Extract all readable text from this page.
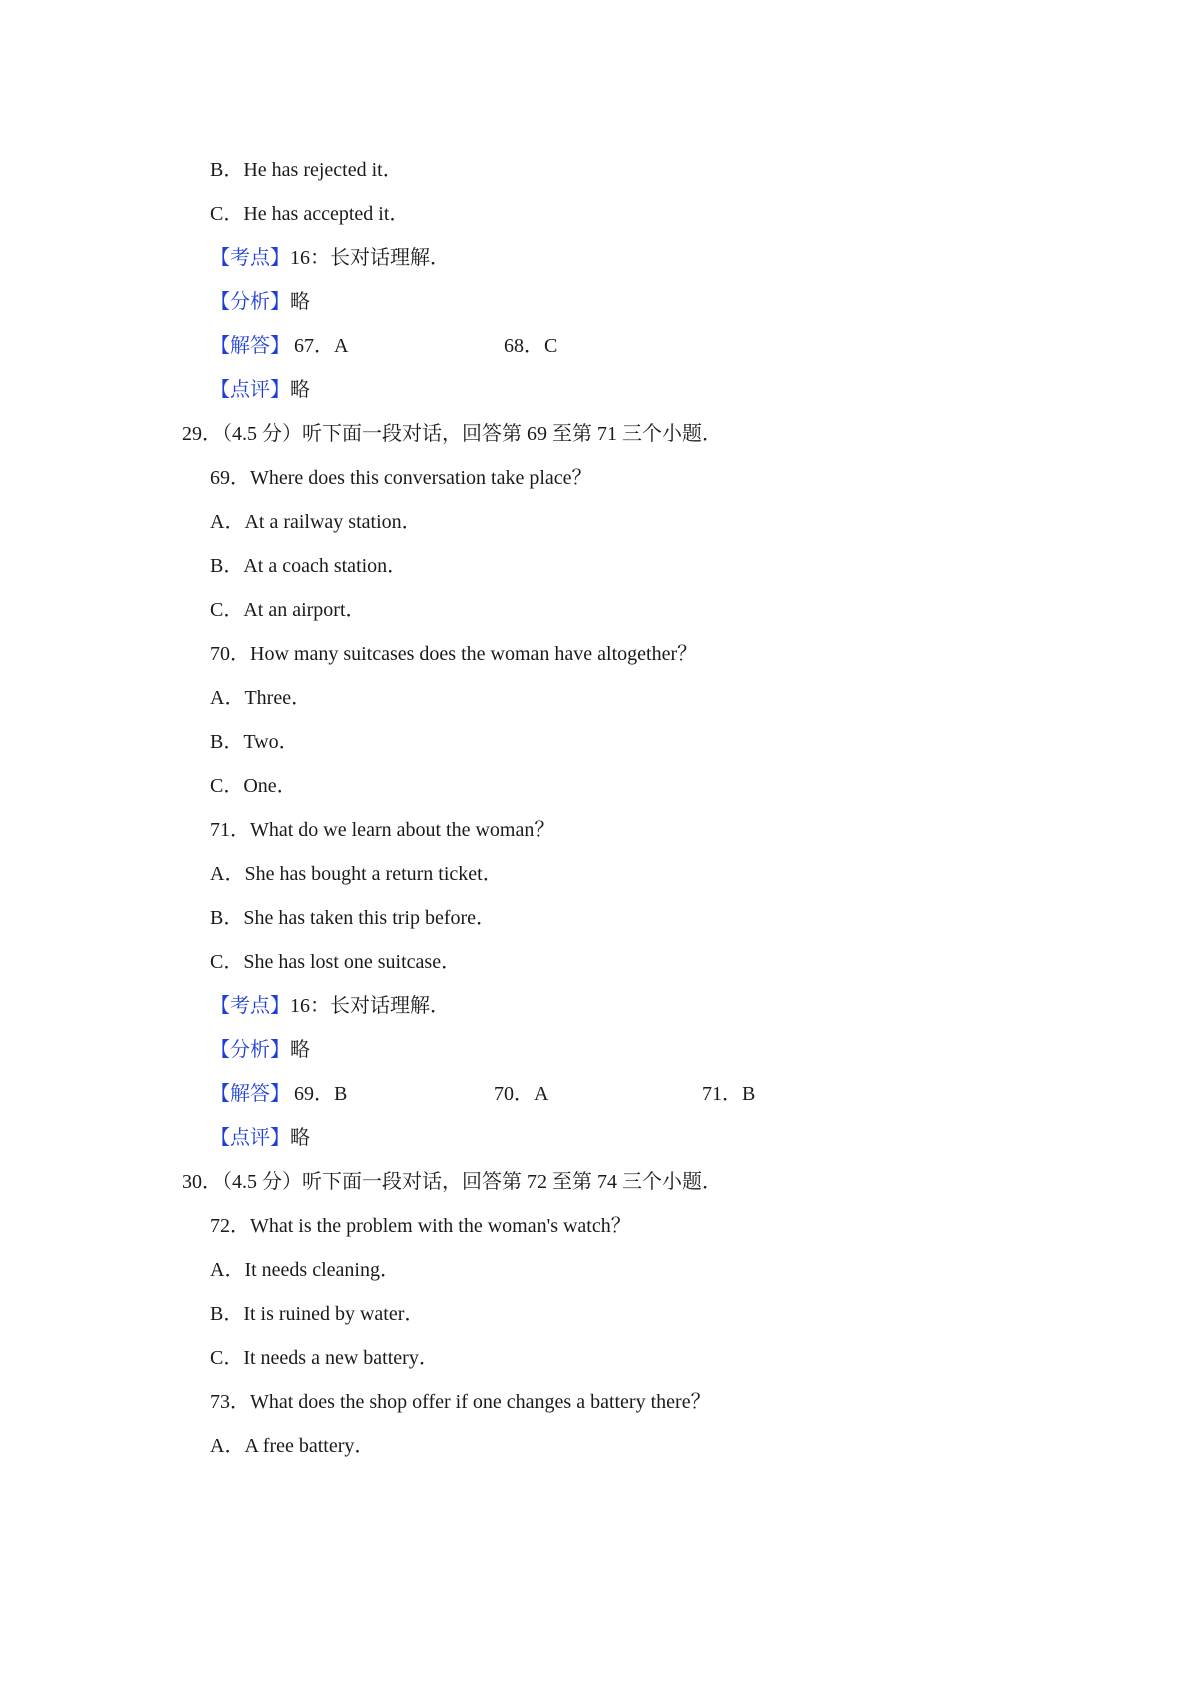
B．He has rejected it．
C．He has accepted it．
【考点】16：长对话理解．
【分析】略
【解答】 67．A	68．C
【点评】略
29．（4.5 分）听下面一段对话，回答第 69 至第 71 三个小题．
69．Where does this conversation take place？
A．At a railway station．
B．At a coach station．
C．At an airport．
70．How many suitcases does the woman have altogether？
A．Three．
B．Two．
C．One．
71．What do we learn about the woman？
A．She has bought a return ticket．
B．She has taken this trip before．
C．She has lost one suitcase．
【考点】16：长对话理解．
【分析】略
【解答】 69．B	70．A	71．B
【点评】略
30．（4.5 分）听下面一段对话，回答第 72 至第 74 三个小题．
72．What is the problem with the woman's watch？
A．It needs cleaning．
B．It is ruined by water．
C．It needs a new battery．
73．What does the shop offer if one changes a battery there？
A．A free battery．
